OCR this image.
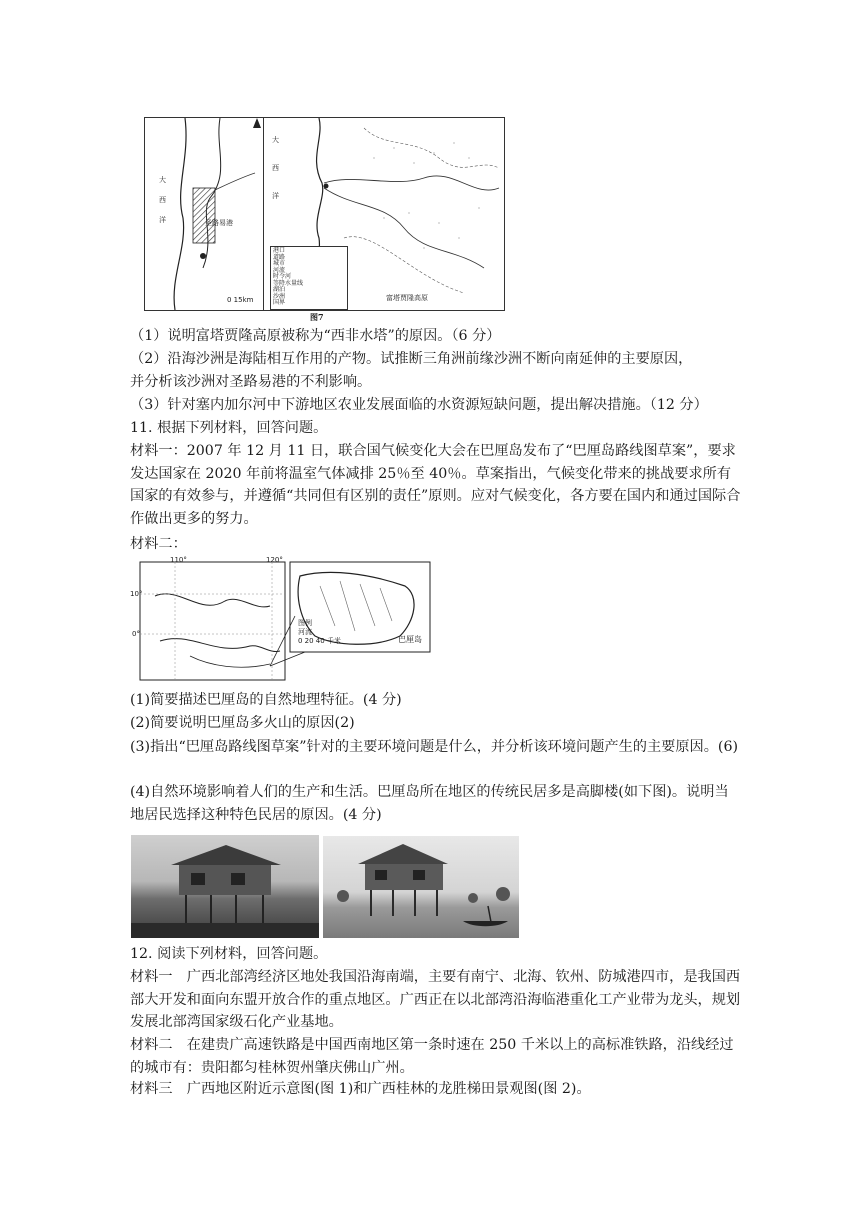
大
西
洋	圣路易港
0 15km
大
西
洋
富塔贾隆高原
港口
道路
城市
河流
时令河
等降水量线
湖泊
沙洲
国界
图7
（1）说明富塔贾隆高原被称为“西非水塔”的原因。（6 分）
（2）沿海沙洲是海陆相互作用的产物。试推断三角洲前缘沙洲不断向南延伸的主要原因，
并分析该沙洲对圣路易港的不利影响。
（3）针对塞内加尔河中下游地区农业发展面临的水资源短缺问题，提出解决措施。（12 分）
11. 根据下列材料，回答问题。
材料一：2007 年 12 月 11 日，联合国气候变化大会在巴厘岛发布了“巴厘岛路线图草案”，要求发达国家在 2020 年前将温室气体减排 25％至 40％。草案指出，气候变化带来的挑战要求所有国家的有效参与，并遵循“共同但有区别的责任”原则。应对气候变化，各方要在国内和通过国际合作做出更多的努力。
材料二：
110°	120°
10°
0°
图例
河流
0 20 40 千米	巴厘岛
(1)简要描述巴厘岛的自然地理特征。(4 分)
(2)简要说明巴厘岛多火山的原因(2)
(3)指出“巴厘岛路线图草案”针对的主要环境问题是什么，并分析该环境问题产生的主要原因。(6)
(4)自然环境影响着人们的生产和生活。巴厘岛所在地区的传统民居多是高脚楼(如下图)。说明当地居民选择这种特色民居的原因。(4 分)
12. 阅读下列材料，回答问题。
材料一　广西北部湾经济区地处我国沿海南端，主要有南宁、北海、钦州、防城港四市，是我国西部大开发和面向东盟开放合作的重点地区。广西正在以北部湾沿海临港重化工产业带为龙头，规划发展北部湾国家级石化产业基地。
材料二　在建贵广高速铁路是中国西南地区第一条时速在 250 千米以上的高标准铁路，沿线经过的城市有：贵阳都匀桂林贺州肇庆佛山广州。
材料三　广西地区附近示意图(图 1)和广西桂林的龙胜梯田景观图(图 2)。
